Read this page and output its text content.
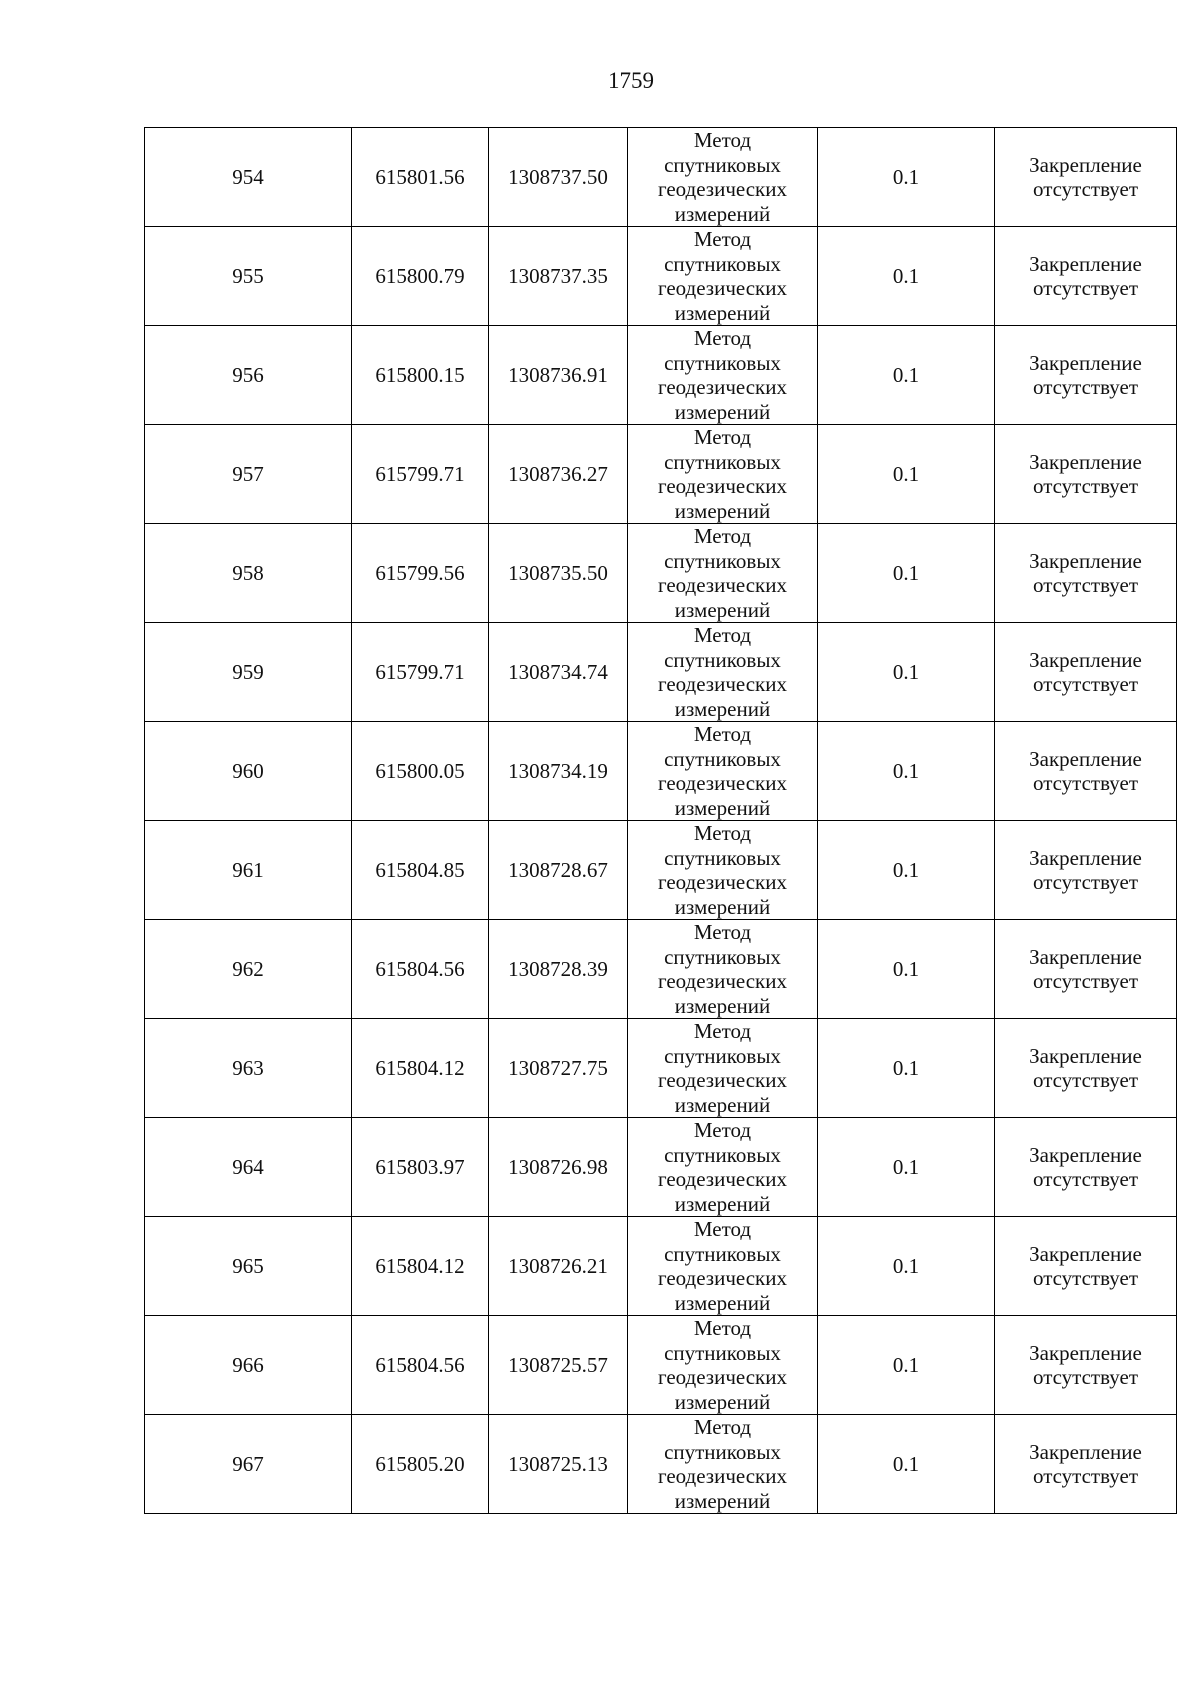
1759
954	615801.56	1308737.50	Метод
спутниковых
геодезических
измерений	0.1	Закрепление
отсутствует

955	615800.79	1308737.35	Метод
спутниковых
геодезических
измерений	0.1	Закрепление
отсутствует

956	615800.15	1308736.91	Метод
спутниковых
геодезических
измерений	0.1	Закрепление
отсутствует

957	615799.71	1308736.27	Метод
спутниковых
геодезических
измерений	0.1	Закрепление
отсутствует

958	615799.56	1308735.50	Метод
спутниковых
геодезических
измерений	0.1	Закрепление
отсутствует

959	615799.71	1308734.74	Метод
спутниковых
геодезических
измерений	0.1	Закрепление
отсутствует

960	615800.05	1308734.19	Метод
спутниковых
геодезических
измерений	0.1	Закрепление
отсутствует

961	615804.85	1308728.67	Метод
спутниковых
геодезических
измерений	0.1	Закрепление
отсутствует

962	615804.56	1308728.39	Метод
спутниковых
геодезических
измерений	0.1	Закрепление
отсутствует

963	615804.12	1308727.75	Метод
спутниковых
геодезических
измерений	0.1	Закрепление
отсутствует

964	615803.97	1308726.98	Метод
спутниковых
геодезических
измерений	0.1	Закрепление
отсутствует

965	615804.12	1308726.21	Метод
спутниковых
геодезических
измерений	0.1	Закрепление
отсутствует

966	615804.56	1308725.57	Метод
спутниковых
геодезических
измерений	0.1	Закрепление
отсутствует

967	615805.20	1308725.13	Метод
спутниковых
геодезических
измерений	0.1	Закрепление
отсутствует
